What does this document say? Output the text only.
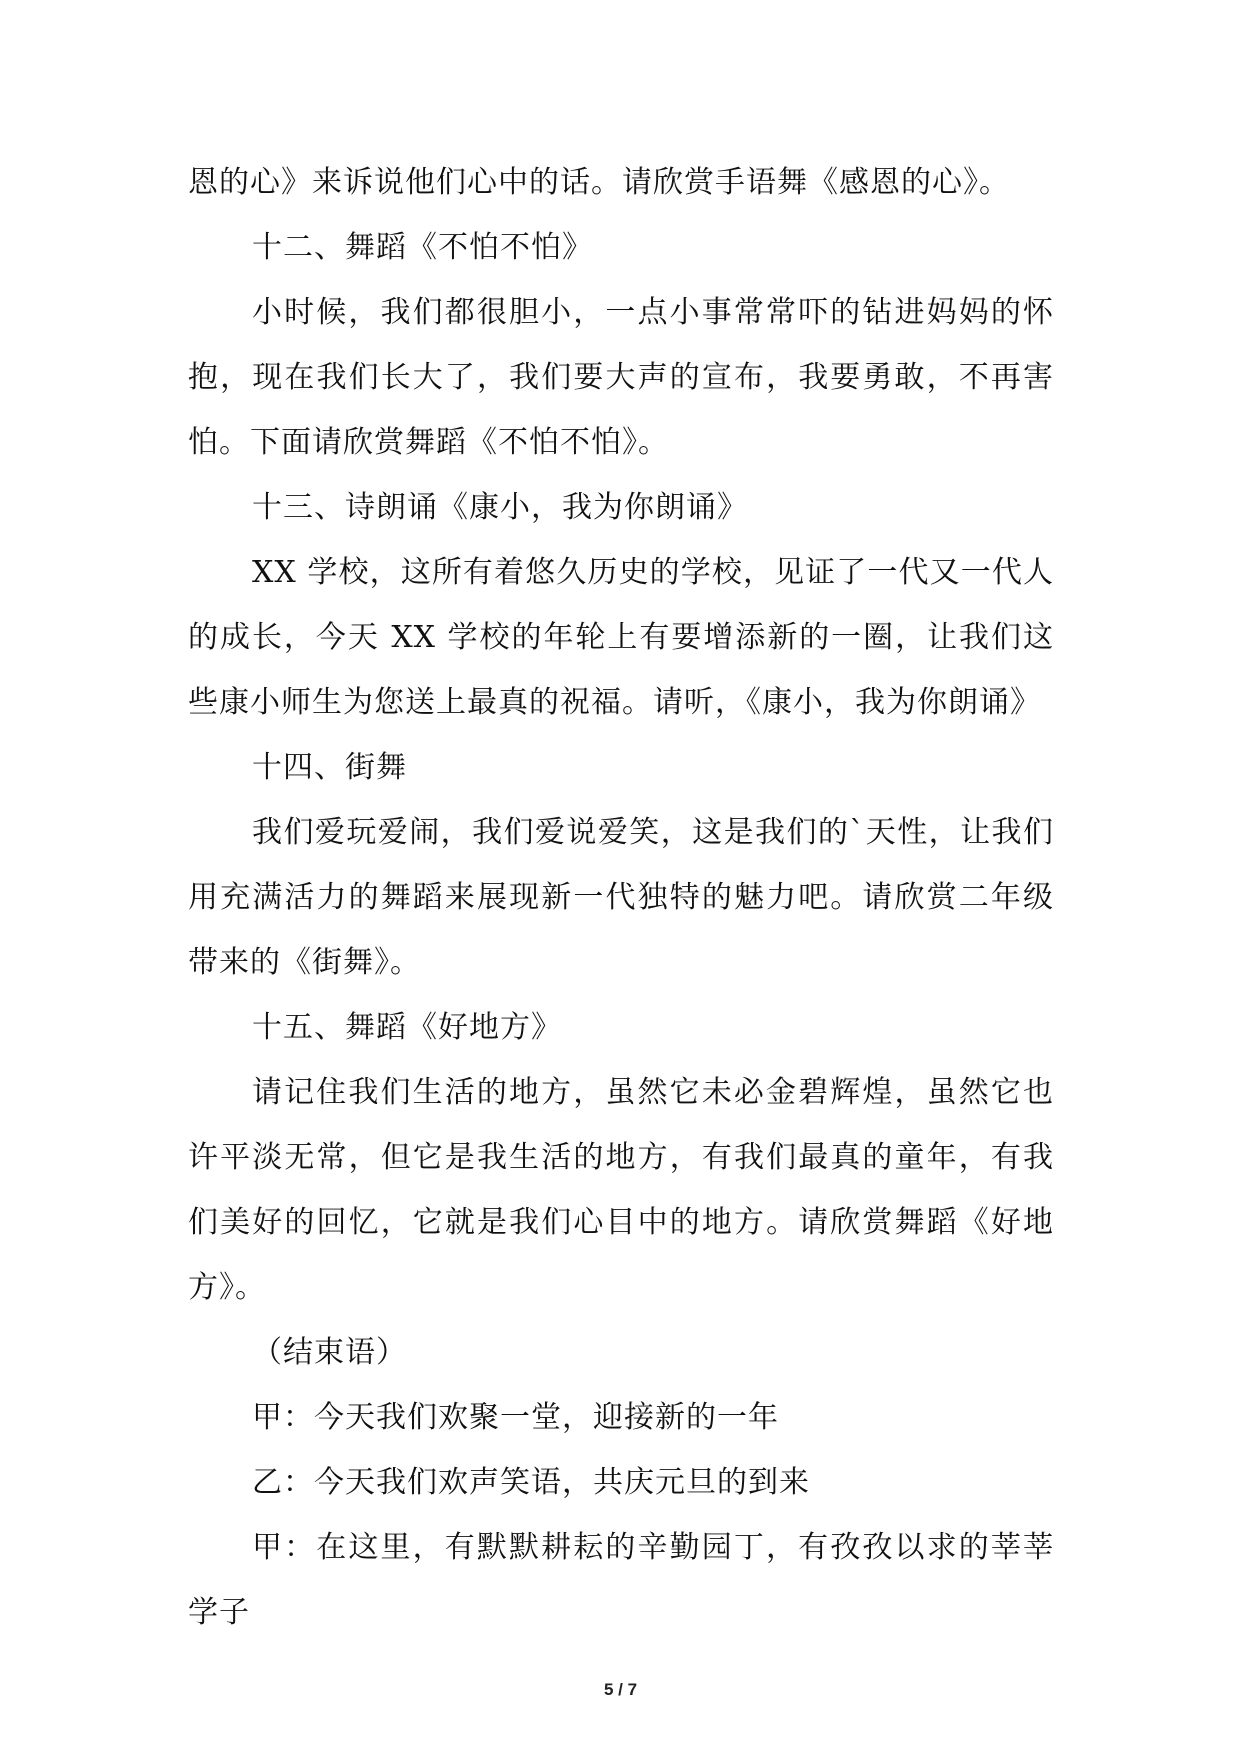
恩的心》来诉说他们心中的话。请欣赏手语舞《感恩的心》。

十二、舞蹈《不怕不怕》

小时候，我们都很胆小，一点小事常常吓的钻进妈妈的怀抱，现在我们长大了，我们要大声的宣布，我要勇敢，不再害怕。下面请欣赏舞蹈《不怕不怕》。

十三、诗朗诵《康小，我为你朗诵》

XX 学校，这所有着悠久历史的学校，见证了一代又一代人的成长，今天 XX 学校的年轮上有要增添新的一圈，让我们这些康小师生为您送上最真的祝福。请听，《康小，我为你朗诵》

十四、街舞

我们爱玩爱闹，我们爱说爱笑，这是我们的`天性，让我们用充满活力的舞蹈来展现新一代独特的魅力吧。请欣赏二年级带来的《街舞》。

十五、舞蹈《好地方》

请记住我们生活的地方，虽然它未必金碧辉煌，虽然它也许平淡无常，但它是我生活的地方，有我们最真的童年，有我们美好的回忆，它就是我们心目中的地方。请欣赏舞蹈《好地方》。

（结束语）

甲：今天我们欢聚一堂，迎接新的一年

乙：今天我们欢声笑语，共庆元旦的到来

甲：在这里，有默默耕耘的辛勤园丁，有孜孜以求的莘莘学子

5 / 7
